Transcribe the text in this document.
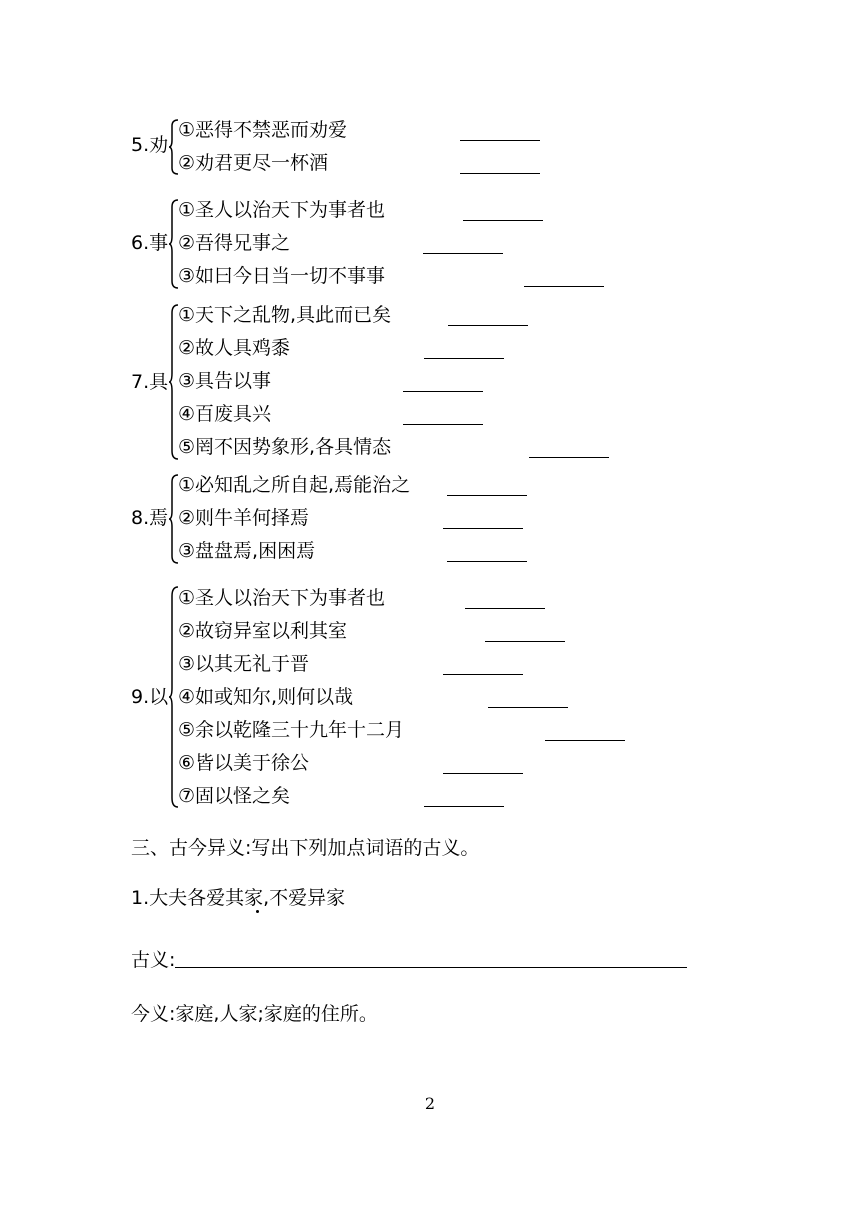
5.劝
①恶得不禁恶而劝爱
②劝君更尽一杯酒
6.事
①圣人以治天下为事者也
②吾得兄事之
③如曰今日当一切不事事
7.具
①天下之乱物,具此而已矣
②故人具鸡黍
③具告以事
④百废具兴
⑤罔不因势象形,各具情态
8.焉
①必知乱之所自起,焉能治之
②则牛羊何择焉
③盘盘焉,困困焉
9.以
①圣人以治天下为事者也
②故窃异室以利其室
③以其无礼于晋
④如或知尔,则何以哉
⑤余以乾隆三十九年十二月
⑥皆以美于徐公
⑦固以怪之矣
三、古今异义:写出下列加点词语的古义。
1.大夫各爱其家,不爱异家
古义:
今义:家庭,人家;家庭的住所。
2
